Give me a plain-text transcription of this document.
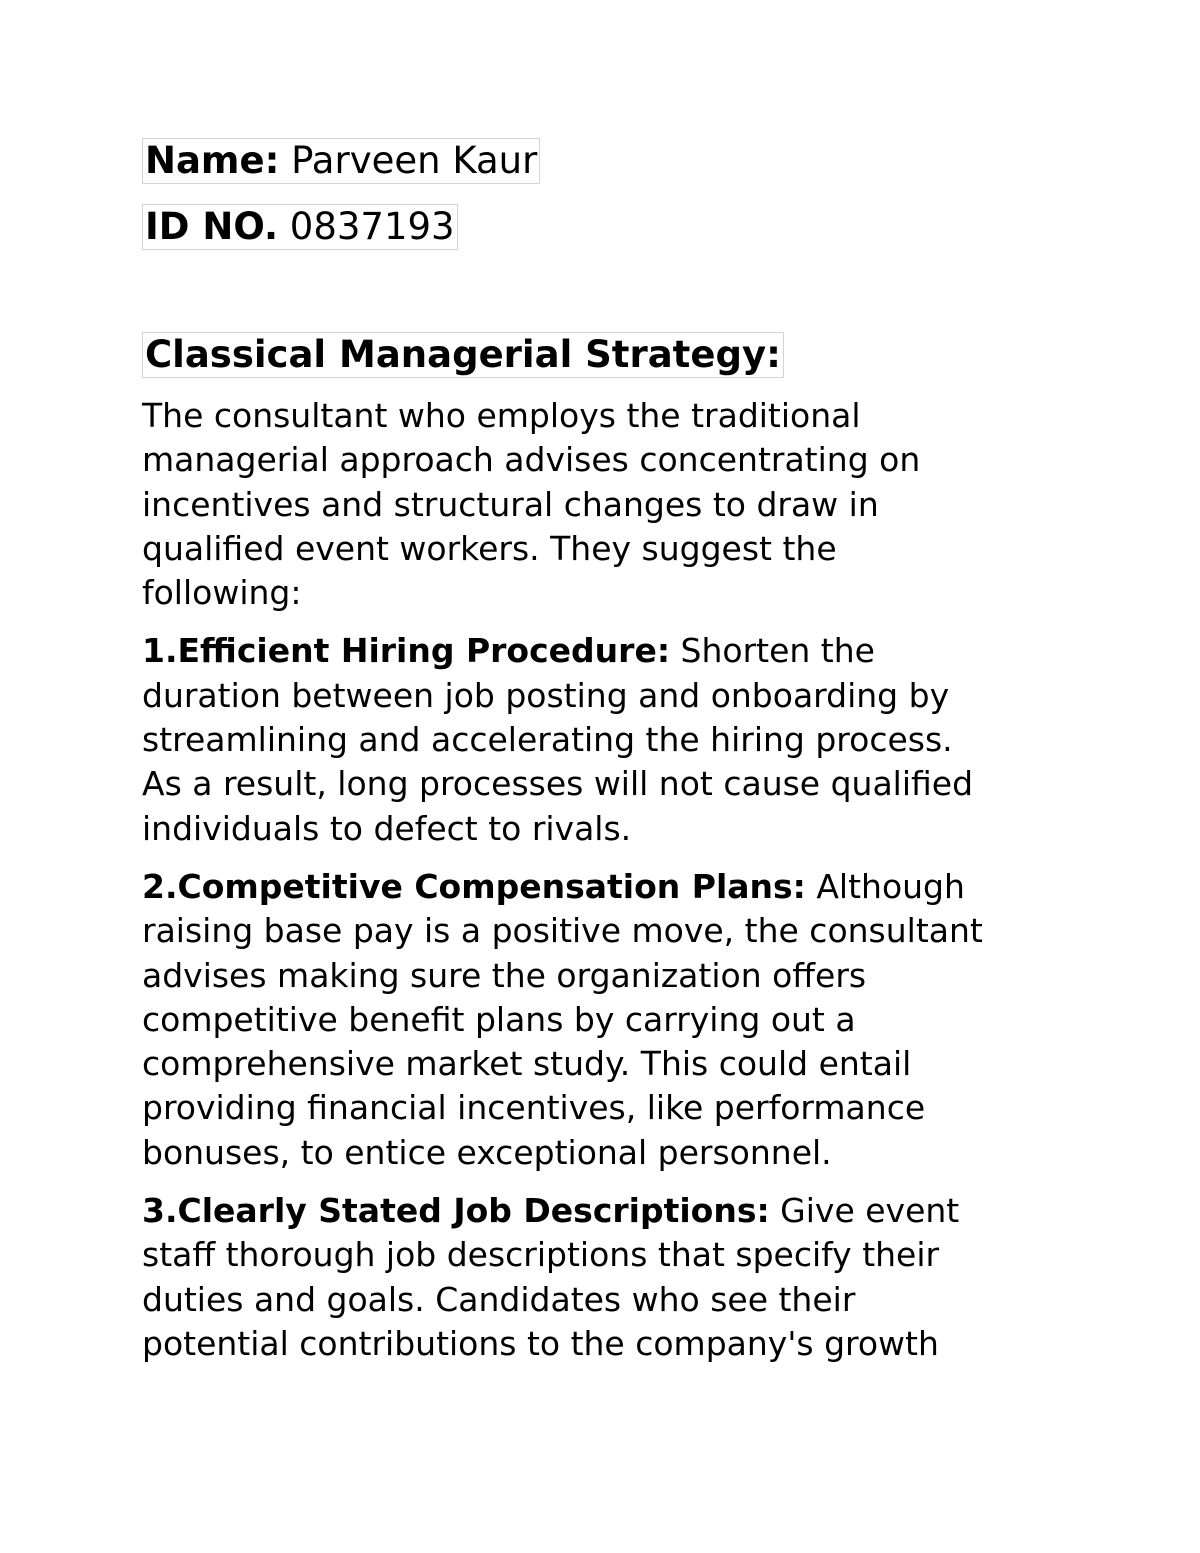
Name: Parveen Kaur
ID NO. 0837193
Classical Managerial Strategy:
The consultant who employs the traditional
managerial approach advises concentrating on
incentives and structural changes to draw in
qualified event workers. They suggest the
following:
1.Efficient Hiring Procedure: Shorten the
duration between job posting and onboarding by
streamlining and accelerating the hiring process.
As a result, long processes will not cause qualified
individuals to defect to rivals.
2.Competitive Compensation Plans: Although
raising base pay is a positive move, the consultant
advises making sure the organization offers
competitive benefit plans by carrying out a
comprehensive market study. This could entail
providing financial incentives, like performance
bonuses, to entice exceptional personnel.
3.Clearly Stated Job Descriptions: Give event
staff thorough job descriptions that specify their
duties and goals. Candidates who see their
potential contributions to the company's growth
